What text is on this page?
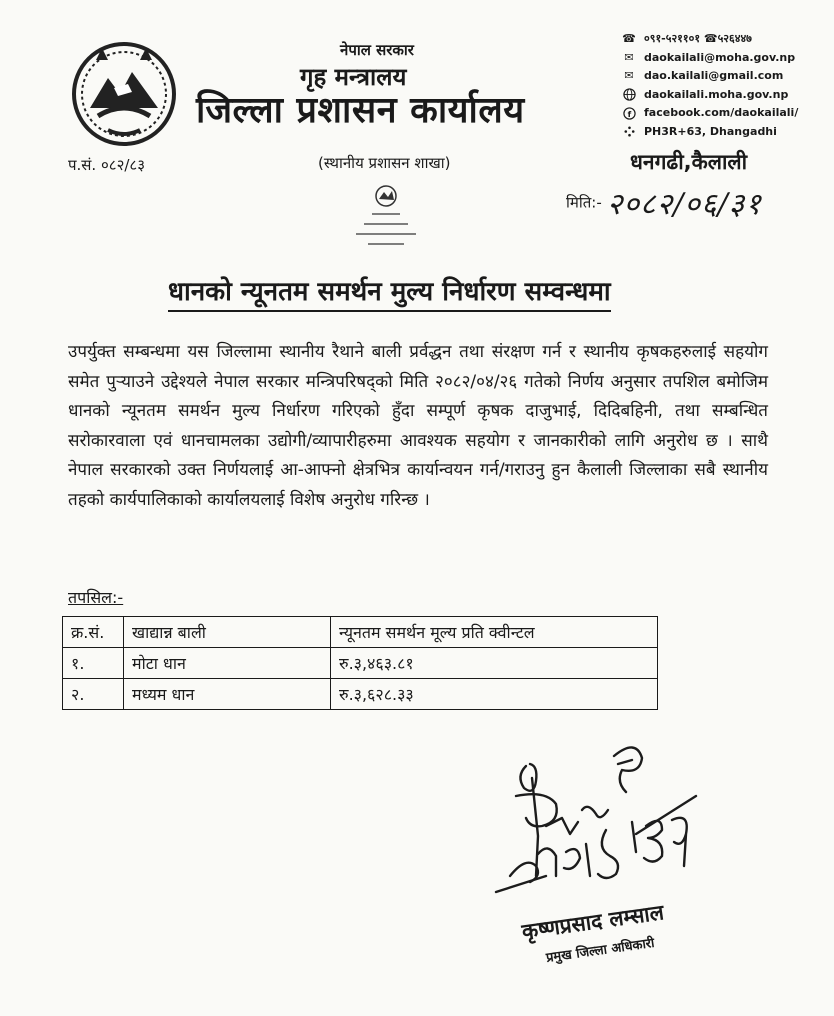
नेपाल सरकार
गृह मन्त्रालय
जिल्ला प्रशासन कार्यालय
☎ ०९१-५२११०१ ☎५२६४४७
✉ daokailali@moha.gov.np
✉ dao.kailali@gmail.com
daokailali.moha.gov.np
f facebook.com/daokailali/
PH3R+63, Dhangadhi
प.सं. ०८२/८३	(स्थानीय प्रशासन शाखा)	धनगढी,कैलाली
मिति:- २०८२/०६/३१
धानको न्यूनतम समर्थन मुल्य निर्धारण सम्वन्धमा
उपर्युक्त सम्बन्धमा यस जिल्लामा स्थानीय रैथाने बाली प्रर्वद्धन तथा संरक्षण गर्न र स्थानीय कृषकहरुलाई सहयोग समेत पुऱ्याउने उद्देश्यले नेपाल सरकार मन्त्रिपरिषद्को मिति २०८२/०४/२६ गतेको निर्णय अनुसार तपशिल बमोजिम धानको न्यूनतम समर्थन मुल्य निर्धारण गरिएको हुँदा सम्पूर्ण कृषक दाजुभाई, दिदिबहिनी, तथा सम्बन्धित सरोकारवाला एवं धानचामलका उद्योगी/व्यापारीहरुमा आवश्यक सहयोग र जानकारीको लागि अनुरोध छ । साथै नेपाल सरकारको उक्त निर्णयलाई आ-आफ्नो क्षेत्रभित्र कार्यान्वयन गर्न/गराउनु हुन कैलाली जिल्लाका सबै स्थानीय तहको कार्यपालिकाको कार्यालयलाई विशेष अनुरोध गरिन्छ ।
तपसिल:-
क्र.सं.	खाद्यान्न बाली	न्यूनतम समर्थन मूल्य प्रति क्वीन्टल
१.	मोटा धान	रु.३,४६३.८१
२.	मध्यम धान	रु.३,६२८.३३
कृष्णप्रसाद लम्साल
प्रमुख जिल्ला अधिकारी
